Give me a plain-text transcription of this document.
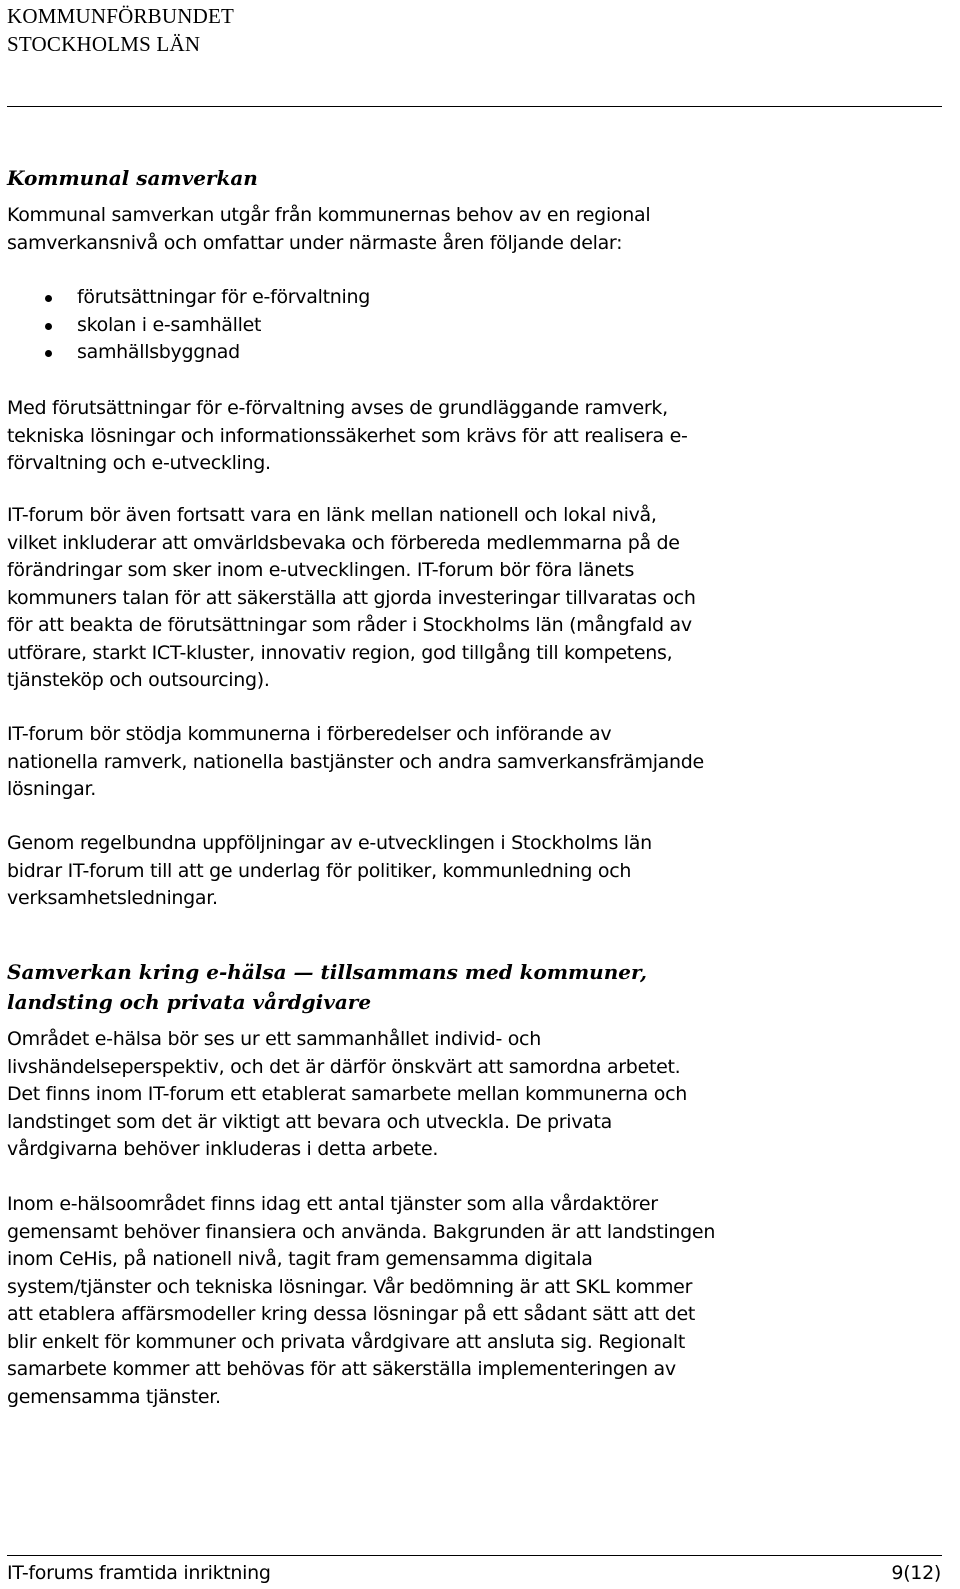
KOMMUNFÖRBUNDET
STOCKHOLMS LÄN
Kommunal samverkan

Kommunal samverkan utgår från kommunernas behov av en regional
samverkansnivå och omfattar under närmaste åren följande delar:

förutsättningar för e-förvaltning
skolan i e-samhället
samhällsbyggnad

Med förutsättningar för e-förvaltning avses de grundläggande ramverk,
tekniska lösningar och informationssäkerhet som krävs för att realisera e-
förvaltning och e-utveckling.

IT-forum bör även fortsatt vara en länk mellan nationell och lokal nivå,
vilket inkluderar att omvärldsbevaka och förbereda medlemmarna på de
förändringar som sker inom e-utvecklingen. IT-forum bör föra länets
kommuners talan för att säkerställa att gjorda investeringar tillvaratas och
för att beakta de förutsättningar som råder i Stockholms län (mångfald av
utförare, starkt ICT-kluster, innovativ region, god tillgång till kompetens,
tjänsteköp och outsourcing).

IT-forum bör stödja kommunerna i förberedelser och införande av
nationella ramverk, nationella bastjänster och andra samverkansfrämjande
lösningar.

Genom regelbundna uppföljningar av e-utvecklingen i Stockholms län
bidrar IT-forum till att ge underlag för politiker, kommunledning och
verksamhetsledningar.

Samverkan kring e-hälsa — tillsammans med kommuner,
landsting och privata vårdgivare

Området e-hälsa bör ses ur ett sammanhållet individ- och
livshändelseperspektiv, och det är därför önskvärt att samordna arbetet.
Det finns inom IT-forum ett etablerat samarbete mellan kommunerna och
landstinget som det är viktigt att bevara och utveckla. De privata
vårdgivarna behöver inkluderas i detta arbete.

Inom e-hälsoområdet finns idag ett antal tjänster som alla vårdaktörer
gemensamt behöver finansiera och använda. Bakgrunden är att landstingen
inom CeHis, på nationell nivå, tagit fram gemensamma digitala
system/tjänster och tekniska lösningar. Vår bedömning är att SKL kommer
att etablera affärsmodeller kring dessa lösningar på ett sådant sätt att det
blir enkelt för kommuner och privata vårdgivare att ansluta sig. Regionalt
samarbete kommer att behövas för att säkerställa implementeringen av
gemensamma tjänster.

IT-forums framtida inriktning	9(12)
